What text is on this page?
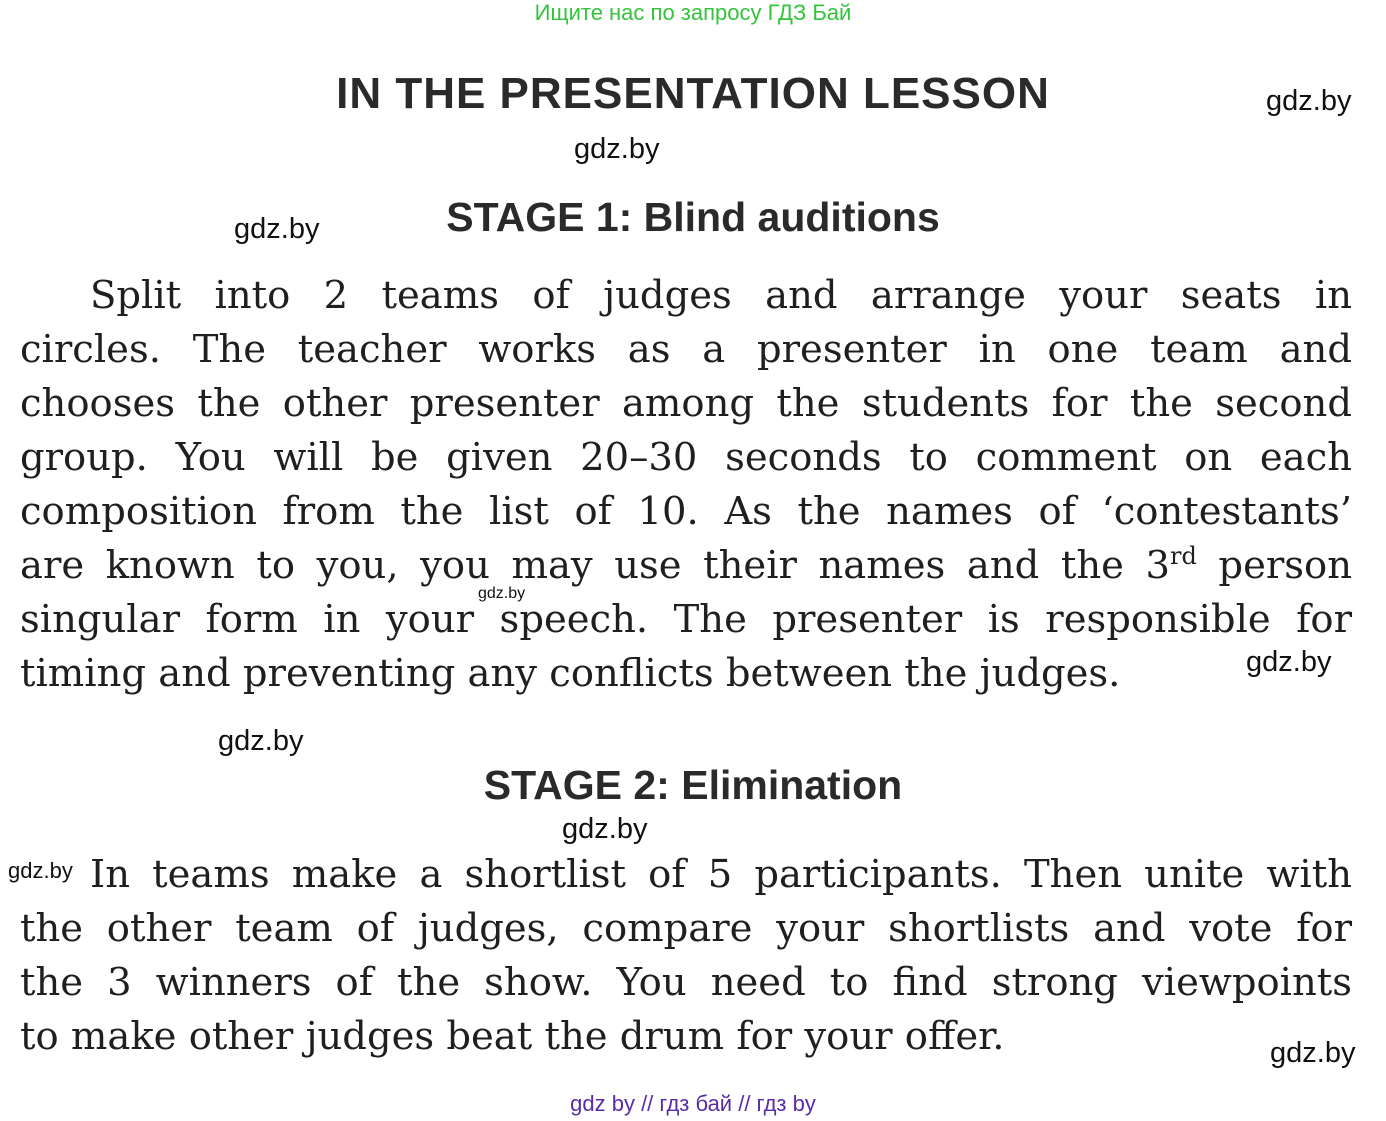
Ищите нас по запросу ГДЗ Бай
IN THE PRESENTATION LESSON	gdz.by
gdz.by
STAGE 1: Blind auditions
gdz.by
Split into 2 teams of judges and arrange your seats in
circles. The teacher works as a presenter in one team and
chooses the other presenter among the students for the second
group. You will be given 20–30 seconds to comment on each
composition from the list of 10. As the names of ‘contestants’
are known to you, you may use their names and the 3rd person
singular form in your speech. The presenter is responsible for
timing and preventing any conflicts between the judges.
gdz.by
gdz.by
gdz.by
STAGE 2: Elimination
gdz.by
gdz.by In teams make a shortlist of 5 participants. Then unite with
the other team of judges, compare your shortlists and vote for
the 3 winners of the show. You need to find strong viewpoints
to make other judges beat the drum for your offer.	gdz.by
gdz by // гдз бай // гдз by
